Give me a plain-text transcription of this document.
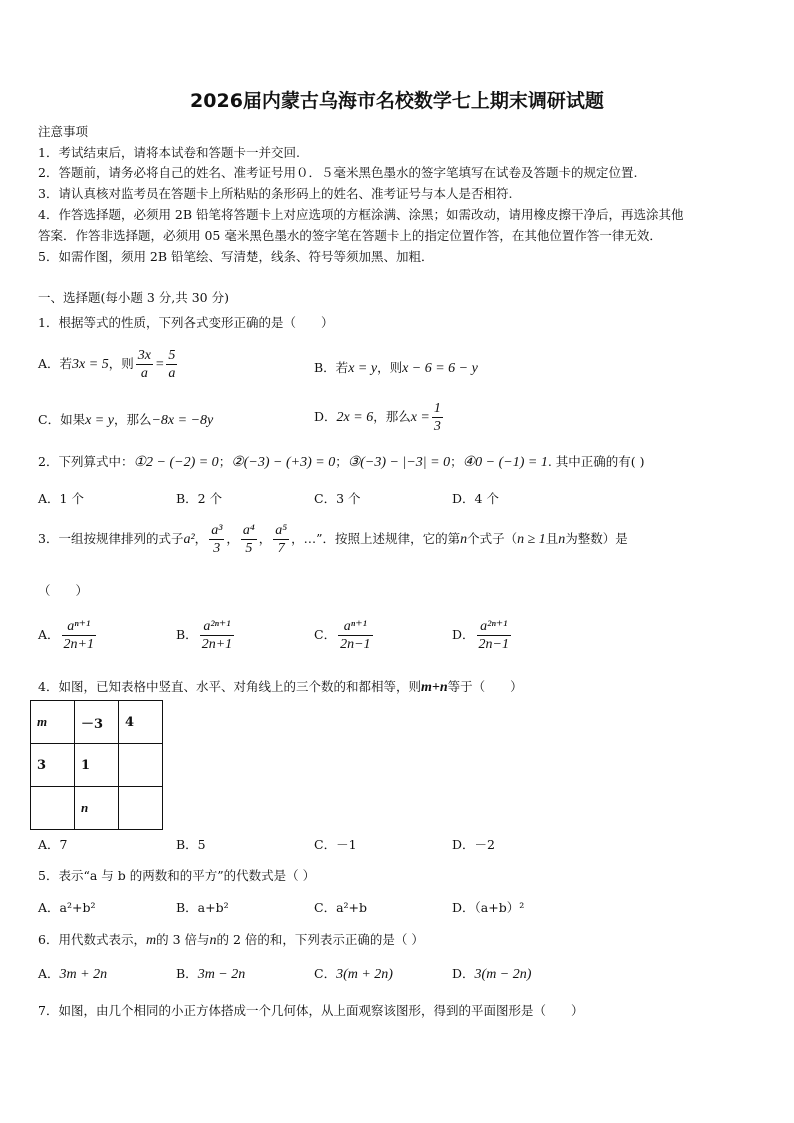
2026届内蒙古乌海市名校数学七上期末调研试题
注意事项
1．考试结束后，请将本试卷和答题卡一并交回.
2．答题前，请务必将自己的姓名、准考证号用０．５毫米黑色墨水的签字笔填写在试卷及答题卡的规定位置.
3．请认真核对监考员在答题卡上所粘贴的条形码上的姓名、准考证号与本人是否相符.
4．作答选择题，必须用 2B 铅笔将答题卡上对应选项的方框涂满、涂黑；如需改动，请用橡皮擦干净后，再选涂其他
答案．作答非选择题，必须用 05 毫米黑色墨水的签字笔在答题卡上的指定位置作答，在其他位置作答一律无效．
5．如需作图，须用 2B 铅笔绘、写清楚，线条、符号等须加黑、加粗．
一、选择题(每小题 3 分,共 30 分)
1．根据等式的性质，下列各式变形正确的是（　　）
A．若3x = 5，则 $\frac{3x}{a} = \frac{5}{a}$	B．若x = y，则x − 6 = 6 − y
C．如果x = y，那么−8x = −8y	D．2x = 6，那么$x = \frac{1}{3}$
2．下列算式中：①2 − (−2) = 0；②(−3) − (+3) = 0；③(−3) − |−3| = 0；④0 − (−1) = 1. 其中正确的有( )
A．1 个	B．2 个	C．3 个	D．4 个
3．一组按规律排列的式子a²， $\frac{\text{a³}}{3}$ ， $\frac{\text{a⁴}}{5}$ ， $\frac{\text{a⁵}}{7}$ ，…”．按照上述规律，它的第n个式子（n ≥ 1且n为整数）是
（　　）
A． $\frac{\text{aⁿ⁺¹}}{2n+1}$	B． $\frac{\text{a²ⁿ⁺¹}}{2n+1}$	C． $\frac{\text{aⁿ⁺¹}}{2n-1}$	D． $\frac{\text{a²ⁿ⁺¹}}{2n-1}$
4．如图，已知表格中竖直、水平、对角线上的三个数的和都相等，则m+n等于（　　）
m	－3	4
3	1	
	n	
A．7	B．5	C．－1	D．－2
5．表示“a 与 b 的两数和的平方”的代数式是（ ）
A．a²+b²	B．a+b²	C．a²+b	D．（a+b）²
6．用代数式表示，m的 3 倍与n的 2 倍的和，下列表示正确的是（ ）
A．3m + 2n	B．3m − 2n	C．3(m + 2n)	D．3(m − 2n)
7．如图，由几个相同的小正方体搭成一个几何体，从上面观察该图形，得到的平面图形是（　　）
